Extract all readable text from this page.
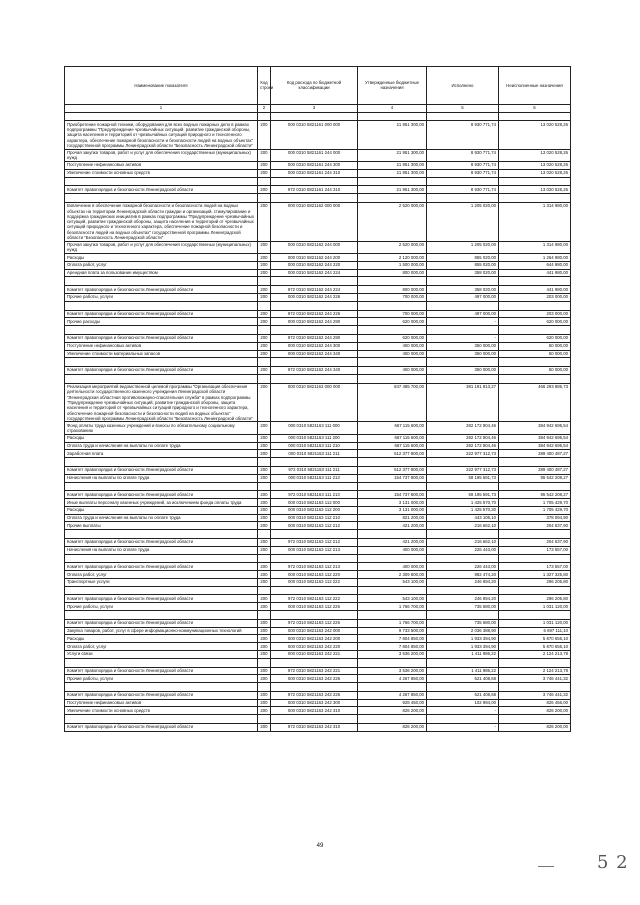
Наименование показателя	Код строки	Код расхода по бюджетной классификации	Утвержденные бюджетные назначения	Исполнено	Неисполненные назначения
1	2	3	4	5	6

Приобретение пожарной техники, оборудования для всех водных пожарных депо в рамках подпрограммы "Предупреждение чрезвычайных ситуаций, развитие гражданской обороны, защита населения и территорий от чрезвычайных ситуаций природного и техногенного характера, обеспечение пожарной безопасности и безопасности людей на водных объектах" государственной программы Ленинградской области "Безопасность Ленинградской области"	200	000 0310 5821161 000 000	21 951 300,00	8 930 771,74	13 020 528,26
Прочая закупка товаров, работ и услуг для обеспечения государственных (муниципальных) нужд	200	000 0310 5821161 244 000	21 951 300,00	8 930 771,74	13 020 528,26
Поступление нефинансовых активов	200	000 0310 5821161 244 300	21 951 300,00	8 930 771,74	13 020 528,26
Увеличение стоимости основных средств	200	000 0310 5821161 244 310	21 951 300,00	8 930 771,74	13 020 528,26

Комитет правопорядка и безопасности Ленинградской области	200	972 0310 5821161 244 310	21 951 300,00	8 930 771,74	13 020 528,26

Вовлечение в обеспечение пожарной безопасности и безопасности людей на водных объектах на территории Ленинградской области граждан и организаций, стимулирование и поддержка гражданских инициатив в рамках подпрограммы "Предупреждение чрезвычайных ситуаций, развитие гражданской обороны, защита населения и территорий от чрезвычайных ситуаций природного и техногенного характера, обеспечение пожарной безопасности и безопасности людей на водных объектах" государственной программы Ленинградской области "Безопасность Ленинградской области"	200	000 0310 5821162 000 000	2 520 000,00	1 205 020,00	1 314 980,00
Прочая закупка товаров, работ и услуг для обеспечения государственных (муниципальных) нужд	200	000 0310 5821162 244 000	2 520 000,00	1 205 020,00	1 314 980,00
Расходы	200	000 0310 5821162 244 200	2 120 000,00	855 020,00	1 264 980,00
Оплата работ, услуг	200	000 0310 5821162 244 220	1 500 000,00	855 020,00	644 980,00
Арендная плата за пользование имуществом	200	000 0310 5821162 244 224	800 000,00	358 020,00	441 980,00

Комитет правопорядка и безопасности Ленинградской области	200	972 0310 5821162 244 224	800 000,00	358 020,00	441 980,00
Прочие работы, услуги	200	000 0310 5821162 244 226	700 000,00	497 000,00	203 000,00

Комитет правопорядка и безопасности Ленинградской области	200	972 0310 5821162 244 226	700 000,00	497 000,00	203 000,00
Прочие расходы	200	000 0310 5821162 244 290	620 000,00	-	620 000,00

Комитет правопорядка и безопасности Ленинградской области	200	972 0310 5821162 244 290	620 000,00	-	620 000,00
Поступление нефинансовых активов	200	000 0310 5821162 244 300	400 000,00	350 000,00	50 000,00
Увеличение стоимости материальных запасов	200	000 0310 5821162 244 340	400 000,00	350 000,00	50 000,00

Комитет правопорядка и безопасности Ленинградской области	200	972 0310 5821162 244 340	400 000,00	350 000,00	50 000,00

Реализация мероприятий ведомственной целевой программы "Организация обеспечения деятельности государственного казенного учреждения Ленинградской области "Ленинградская областная противопожарно-спасательная служба" в рамках подпрограммы "Предупреждение чрезвычайных ситуаций, развитие гражданской обороны, защита населения и территорий от чрезвычайных ситуаций природного и техногенного характера, обеспечение пожарной безопасности и безопасности людей на водных объектах" государственной программы Ленинградской области "Безопасность Ленинградской области"	200	000 0310 5821163 000 000	847 485 700,00	381 191 813,27	466 293 886,73
Фонд оплаты труда казенных учреждений и взносы по обязательному социальному страхованию	200	000 0310 5821163 111 000	667 115 600,00	282 172 904,46	384 942 695,54
Расходы	200	000 0310 5821163 111 200	667 115 600,00	282 172 904,46	384 942 695,54
Оплата труда и начисления на выплаты по оплате труда	200	000 0310 5821163 111 210	667 115 600,00	282 172 904,46	384 942 695,54
Заработная плата	200	000 0310 5821163 111 211	512 377 800,00	222 977 312,73	289 400 487,27

Комитет правопорядка и безопасности Ленинградской области	200	972 0310 5821163 111 211	512 377 800,00	222 977 312,73	289 400 487,27
Начисления на выплаты по оплате труда	200	000 0310 5821163 111 213	154 737 800,00	59 195 591,73	95 542 208,27

Комитет правопорядка и безопасности Ленинградской области	200	972 0310 5821163 111 213	154 737 800,00	59 195 591,73	95 542 208,27
Иные выплаты персоналу казенных учреждений, за исключением фонда оплаты труда	200	000 0310 5821163 112 000	3 131 000,00	1 425 570,70	1 705 429,70
Расходы	200	000 0310 5821163 112 200	3 131 000,00	1 425 570,30	1 705 429,70
Оплата труда и начисления на выплаты по оплате труда	200	000 0310 5821163 112 210	821 200,00	443 105,10	378 094,90
Прочие выплаты	200	000 0310 5821163 112 212	421 200,00	216 662,10	204 537,90

Комитет правопорядка и безопасности Ленинградской области	200	972 0310 5821163 112 212	421 200,00	216 662,10	204 537,90
Начисления на выплаты по оплате труда	200	000 0310 5821163 112 213	400 000,00	226 443,00	173 557,00

Комитет правопорядка и безопасности Ленинградской области	200	972 0310 5821163 112 213	400 000,00	226 443,00	173 557,00
Оплата работ, услуг	200	000 0310 5821163 112 220	2 309 800,00	982 474,20	1 327 325,80
Транспортные услуги	200	000 0310 5821163 112 222	543 100,00	246 894,20	296 205,80

Комитет правопорядка и безопасности Ленинградской области	200	972 0310 5821163 112 222	543 100,00	246 894,20	296 205,80
Прочие работы, услуги	200	000 0310 5821163 112 226	1 766 700,00	735 580,00	1 031 120,00

Комитет правопорядка и безопасности Ленинградской области	200	972 0310 5821163 112 226	1 766 700,00	735 580,00	1 031 120,00
Закупка товаров, работ, услуг в сфере информационно-коммуникационных технологий	200	000 0310 5821163 242 000	9 733 500,00	2 036 388,90	6 697 111,10
Расходы	200	000 0310 5821163 242 200	7 804 850,00	1 933 394,90	5 870 655,10
Оплата работ, услуг	200	000 0310 5821163 242 220	7 804 850,00	1 933 394,90	5 870 655,10
Услуги связи	200	000 0310 5821163 242 221	3 536 200,00	1 411 986,22	2 124 213,78

Комитет правопорядка и безопасности Ленинградской области	200	972 0310 5821163 242 221	3 536 200,00	1 411 986,22	2 124 213,78
Прочие работы, услуги	200	000 0310 5821163 242 226	4 267 850,00	521 408,68	3 746 441,32

Комитет правопорядка и безопасности Ленинградской области	200	972 0310 5821163 242 226	4 267 850,00	521 408,68	3 746 441,32
Поступление нефинансовых активов	200	000 0310 5821163 242 300	928 450,00	102 994,00	826 456,00
Увеличение стоимости основных средств	200	000 0310 5821163 242 310	826 200,00	-	826 200,00

Комитет правопорядка и безопасности Ленинградской области	200	972 0310 5821163 242 310	826 200,00	-	826 200,00
49
5 2
